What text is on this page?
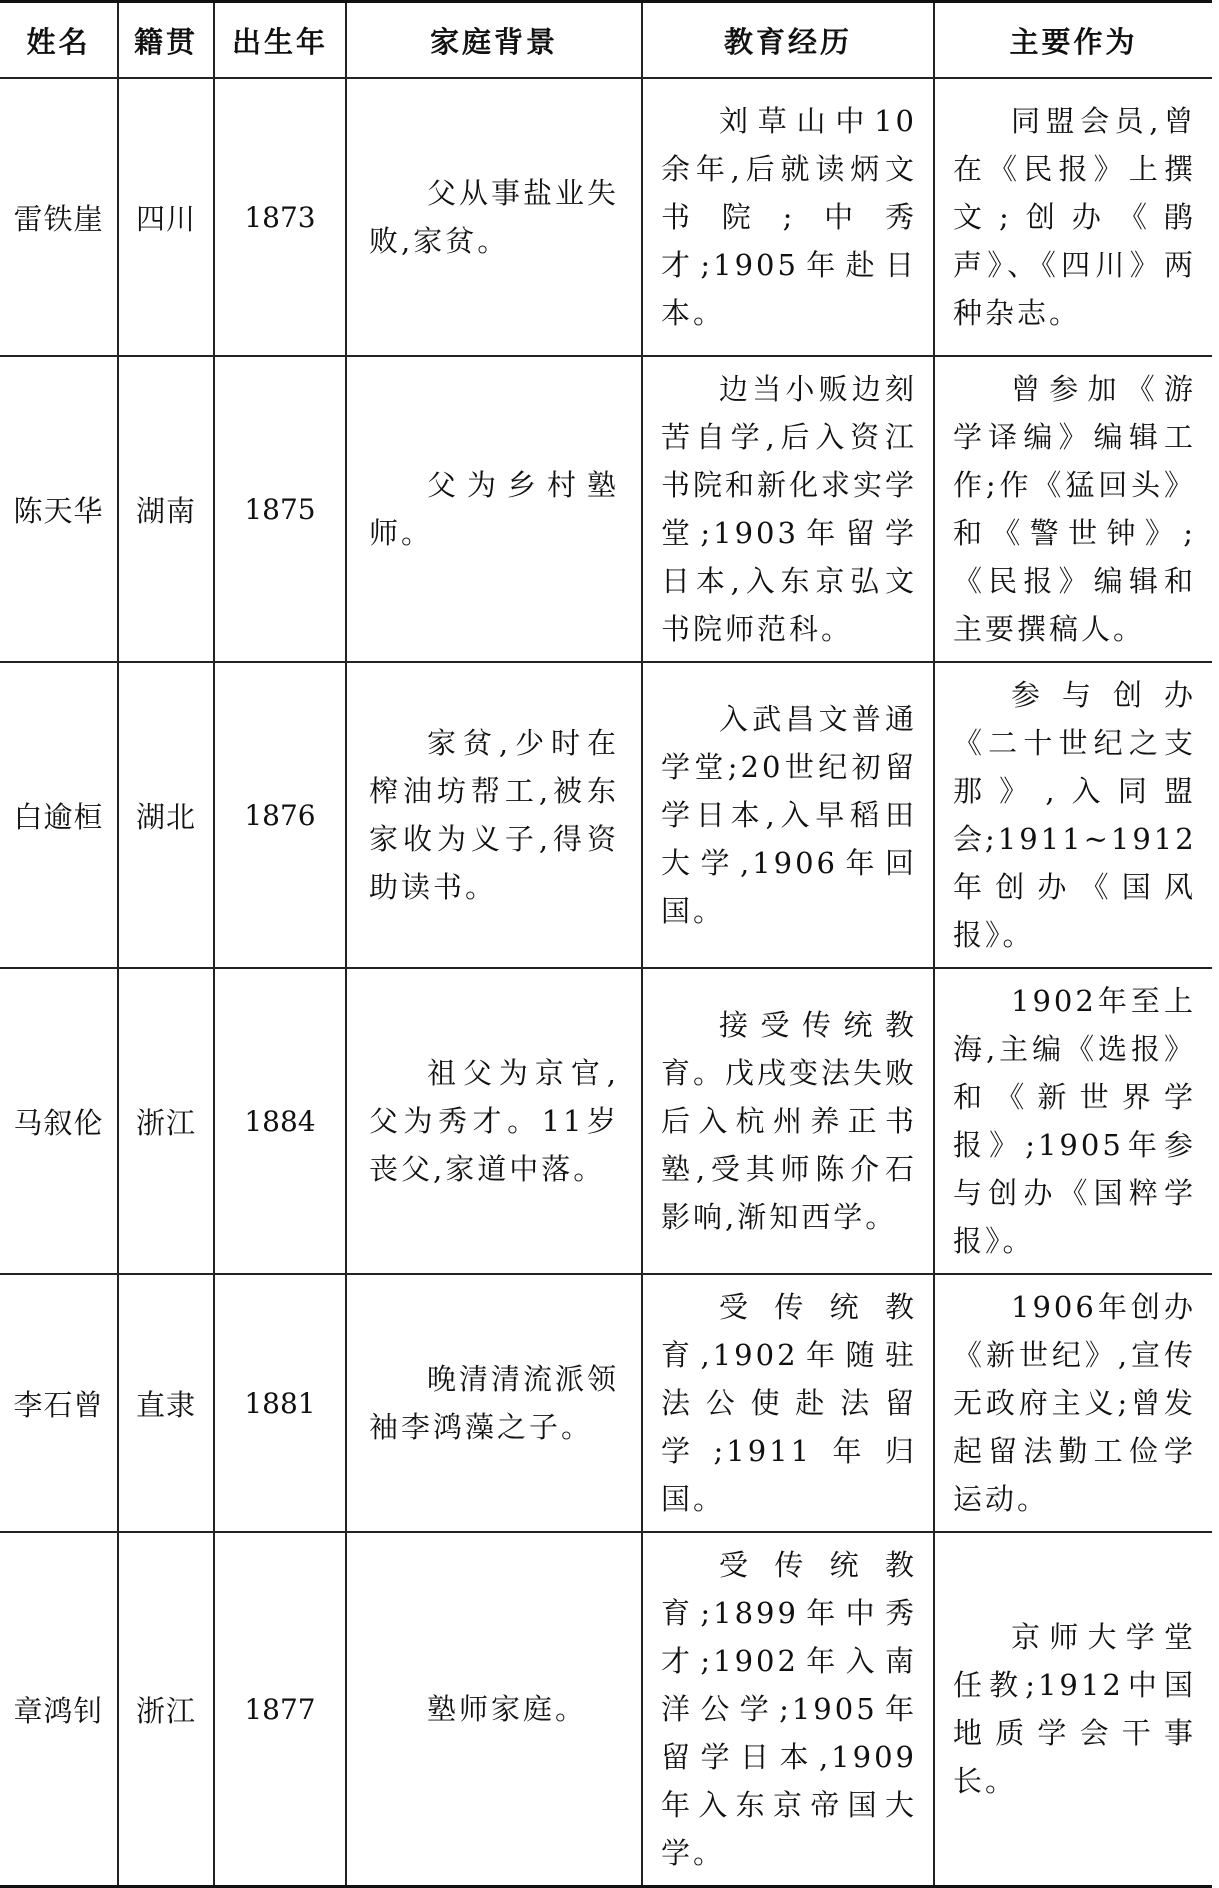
姓名	籍贯	出生年	家庭背景	教育经历	主要作为
雷铁崖	四川	1873	父从事盐业失败,家贫。	刘草山中10余年,后就读炳文书院;中秀才;1905年赴日本。	同盟会员,曾在《民报》上撰文;创办《鹃声》、《四川》两种杂志。
陈天华	湖南	1875	父为乡村塾师。	边当小贩边刻苦自学,后入资江书院和新化求实学堂;1903年留学日本,入东京弘文书院师范科。	曾参加《游学译编》编辑工作;作《猛回头》和《警世钟》;《民报》编辑和主要撰稿人。
白逾桓	湖北	1876	家贫,少时在榨油坊帮工,被东家收为义子,得资助读书。	入武昌文普通学堂;20世纪初留学日本,入早稻田大学,1906年回国。	参与创办《二十世纪之支那》,入同盟会;1911~1912年创办《国风报》。
马叙伦	浙江	1884	祖父为京官,父为秀才。11岁丧父,家道中落。	接受传统教育。戊戌变法失败后入杭州养正书塾,受其师陈介石影响,渐知西学。	1902年至上海,主编《选报》和《新世界学报》;1905年参与创办《国粹学报》。
李石曾	直隶	1881	晚清清流派领袖李鸿藻之子。	受传统教育,1902年随驻法公使赴法留学;1911年归国。	1906年创办《新世纪》,宣传无政府主义;曾发起留法勤工俭学运动。
章鸿钊	浙江	1877	塾师家庭。	受传统教育;1899年中秀才;1902年入南洋公学;1905年留学日本,1909年入东京帝国大学。	京师大学堂任教;1912中国地质学会干事长。
